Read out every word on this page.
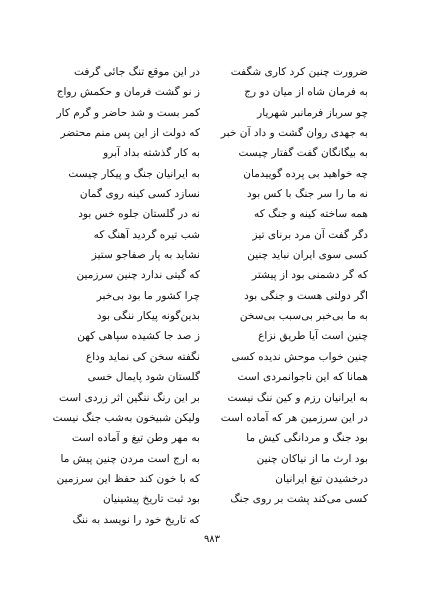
ضرورت چنین کرد کاری شگفت
به فرمان شاه از میان دو رج
چو سرباز فرمانبر شهریار
به جهدی روان گشت و داد آن خبر
به بیگانگان گفت گفتار چیست
چه خواهید بی پرده گوییدمان
نه ما را سر جنگ با کس بود
همه ساخته کینه و جنگ که
دگر گفت آن مرد برنای تیز
کسی سوی ایران نباید چنین
که گر دشمنی بود از پیشتر
اگر دولتی هست و جنگی بود
به ما بی‌خبر بی‌سبب بی‌سخن
چنین است آیا طریق نزاع
چنین خواب موحش ندیده کسی
همانا که این ناجوانمردی است
به ایرانیان رزم و کین ننگ نیست
در این سرزمین هر که آماده است
بود جنگ و مردانگی کیش ما
بود ارث ما از نیاکان چنین
درخشیدن تیغ ایرانیان
کسی می‌کند پشت بر روی جنگ
در این موقع تنگ جائی گرفت
ز نو گشت فرمان و حکمش رواج
کمر بست و شد حاضر و گرم کار
که دولت از این پس منم محتضر
به کار گذشته بداد آبرو
به ایرانیان جنگ و پیکار چیست
نسازد کسی کینه روی گمان
نه در گلستان جلوه خس بود
شب تیره گردید آهنگ که
نشاید به پار صفاجو ستیز
که گیتی ندارد چنین سرزمین
چرا کشور ما بود بی‌خبر
بدین‌گونه پیکار ننگی بود
ز صد جا کشیده سپاهی کهن
نگفته سخن کی نماید وداع
گلستان شود پایمال خسی
بر این رنگ ننگین اثر زردی است
ولیکن شبیخون به‌شب جنگ نیست
به مهر وطن تیغ و آماده است
به ارج است مردن چنین پیش ما
که با خون کند حفظ این سرزمین
بود ثبت تاریخ پیشینیان
که تاریخ خود را نویسد به ننگ
۹۸۳
